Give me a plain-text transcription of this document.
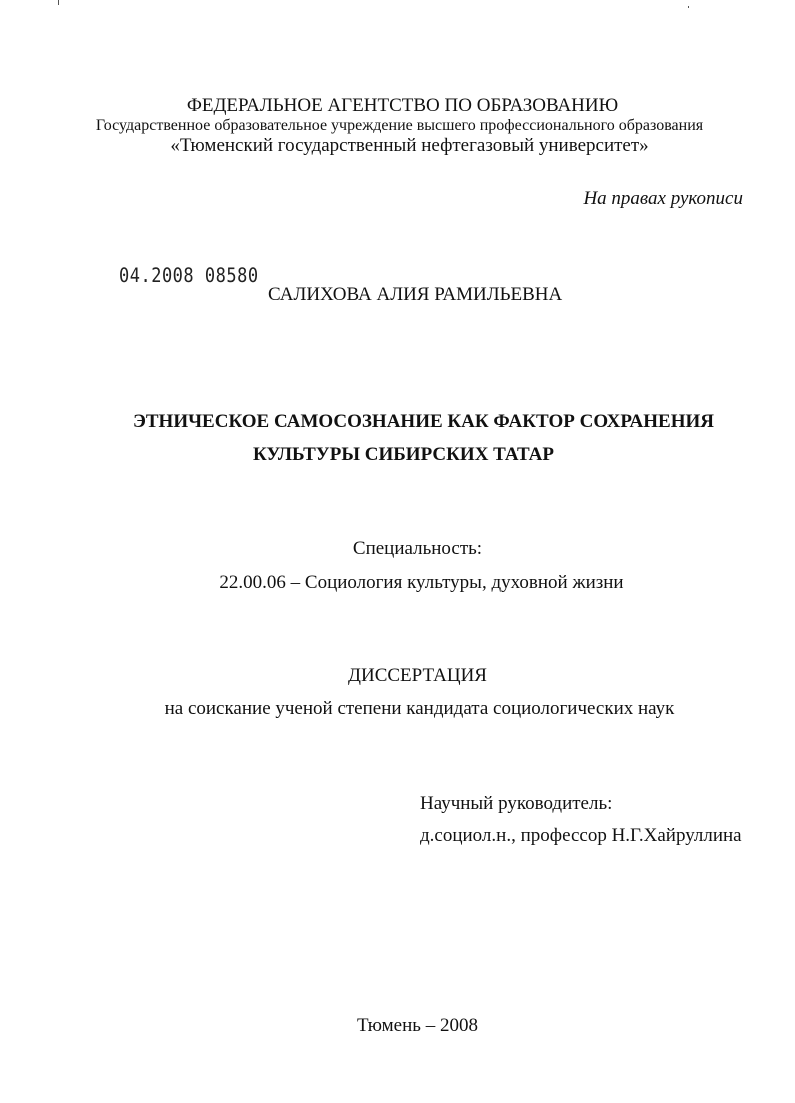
ФЕДЕРАЛЬНОЕ АГЕНТСТВО ПО ОБРАЗОВАНИЮ
Государственное образовательное учреждение высшего профессионального образования
«Тюменский государственный нефтегазовый университет»
На правах рукописи
04.2008 08580
САЛИХОВА АЛИЯ РАМИЛЬЕВНА
ЭТНИЧЕСКОЕ САМОСОЗНАНИЕ КАК ФАКТОР СОХРАНЕНИЯ
КУЛЬТУРЫ СИБИРСКИХ ТАТАР
Специальность:
22.00.06 – Социология культуры, духовной жизни
ДИССЕРТАЦИЯ
на соискание ученой степени кандидата социологических наук
Научный руководитель:
д.социол.н., профессор Н.Г.Хайруллина
Тюмень – 2008
